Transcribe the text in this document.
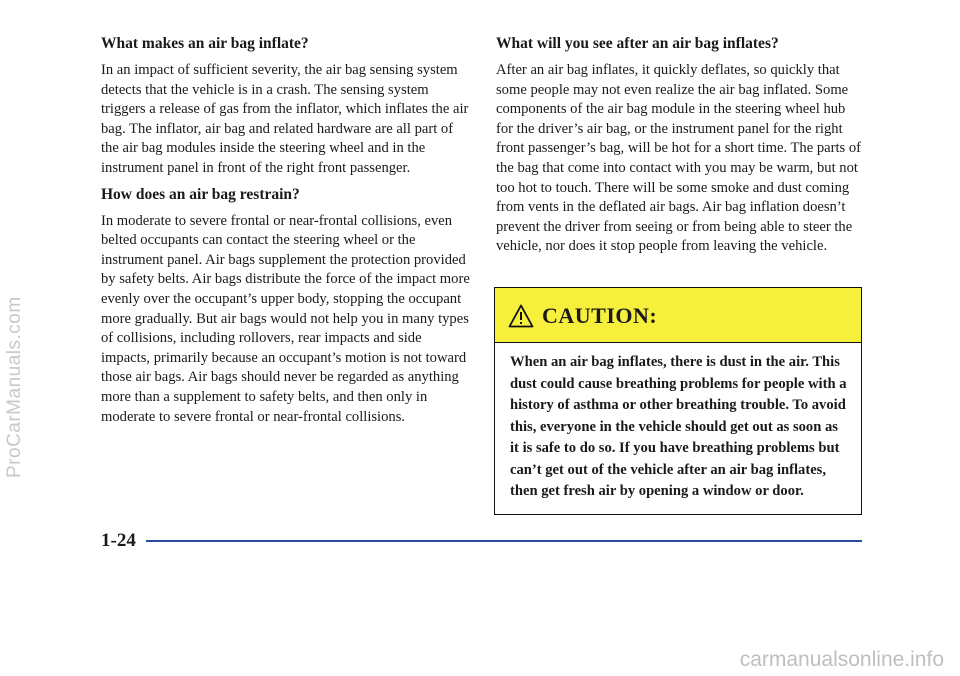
What makes an air bag inflate?

In an impact of sufficient severity, the air bag sensing system detects that the vehicle is in a crash. The sensing system triggers a release of gas from the inflator, which inflates the air bag. The inflator, air bag and related hardware are all part of the air bag modules inside the steering wheel and in the instrument panel in front of the right front passenger.

How does an air bag restrain?

In moderate to severe frontal or near-frontal collisions, even belted occupants can contact the steering wheel or the instrument panel. Air bags supplement the protection provided by safety belts. Air bags distribute the force of the impact more evenly over the occupant’s upper body, stopping the occupant more gradually. But air bags would not help you in many types of collisions, including rollovers, rear impacts and side impacts, primarily because an occupant’s motion is not toward those air bags. Air bags should never be regarded as anything more than a supplement to safety belts, and then only in moderate to severe frontal or near-frontal collisions.

What will you see after an air bag inflates?

After an air bag inflates, it quickly deflates, so quickly that some people may not even realize the air bag inflated. Some components of the air bag module in the steering wheel hub for the driver’s air bag, or the instrument panel for the right front passenger’s bag, will be hot for a short time. The parts of the bag that come into contact with you may be warm, but not too hot to touch. There will be some smoke and dust coming from vents in the deflated air bags. Air bag inflation doesn’t prevent the driver from seeing or from being able to steer the vehicle, nor does it stop people from leaving the vehicle.

CAUTION:
When an air bag inflates, there is dust in the air. This dust could cause breathing problems for people with a history of asthma or other breathing trouble. To avoid this, everyone in the vehicle should get out as soon as it is safe to do so. If you have breathing problems but can’t get out of the vehicle after an air bag inflates, then get fresh air by opening a window or door.
1-24
ProCarManuals.com
carmanualsonline.info
